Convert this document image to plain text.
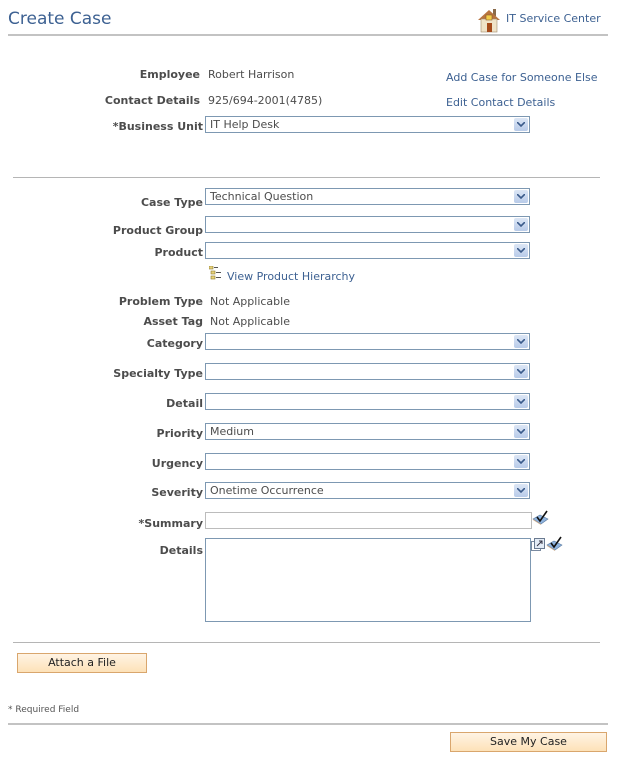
Create Case	IT Service Center
Employee Robert Harrison	Add Case for Someone Else
Contact Details 925/694-2001(4785)	Edit Contact Details
*Business Unit IT Help Desk
Case Type Technical Question
Product Group
Product
View Product Hierarchy
Problem Type Not Applicable
Asset Tag Not Applicable
Category
Specialty Type
Detail
Priority Medium
Urgency
Severity Onetime Occurrence
*Summary
Details
Attach a File
* Required Field
Save My Case
